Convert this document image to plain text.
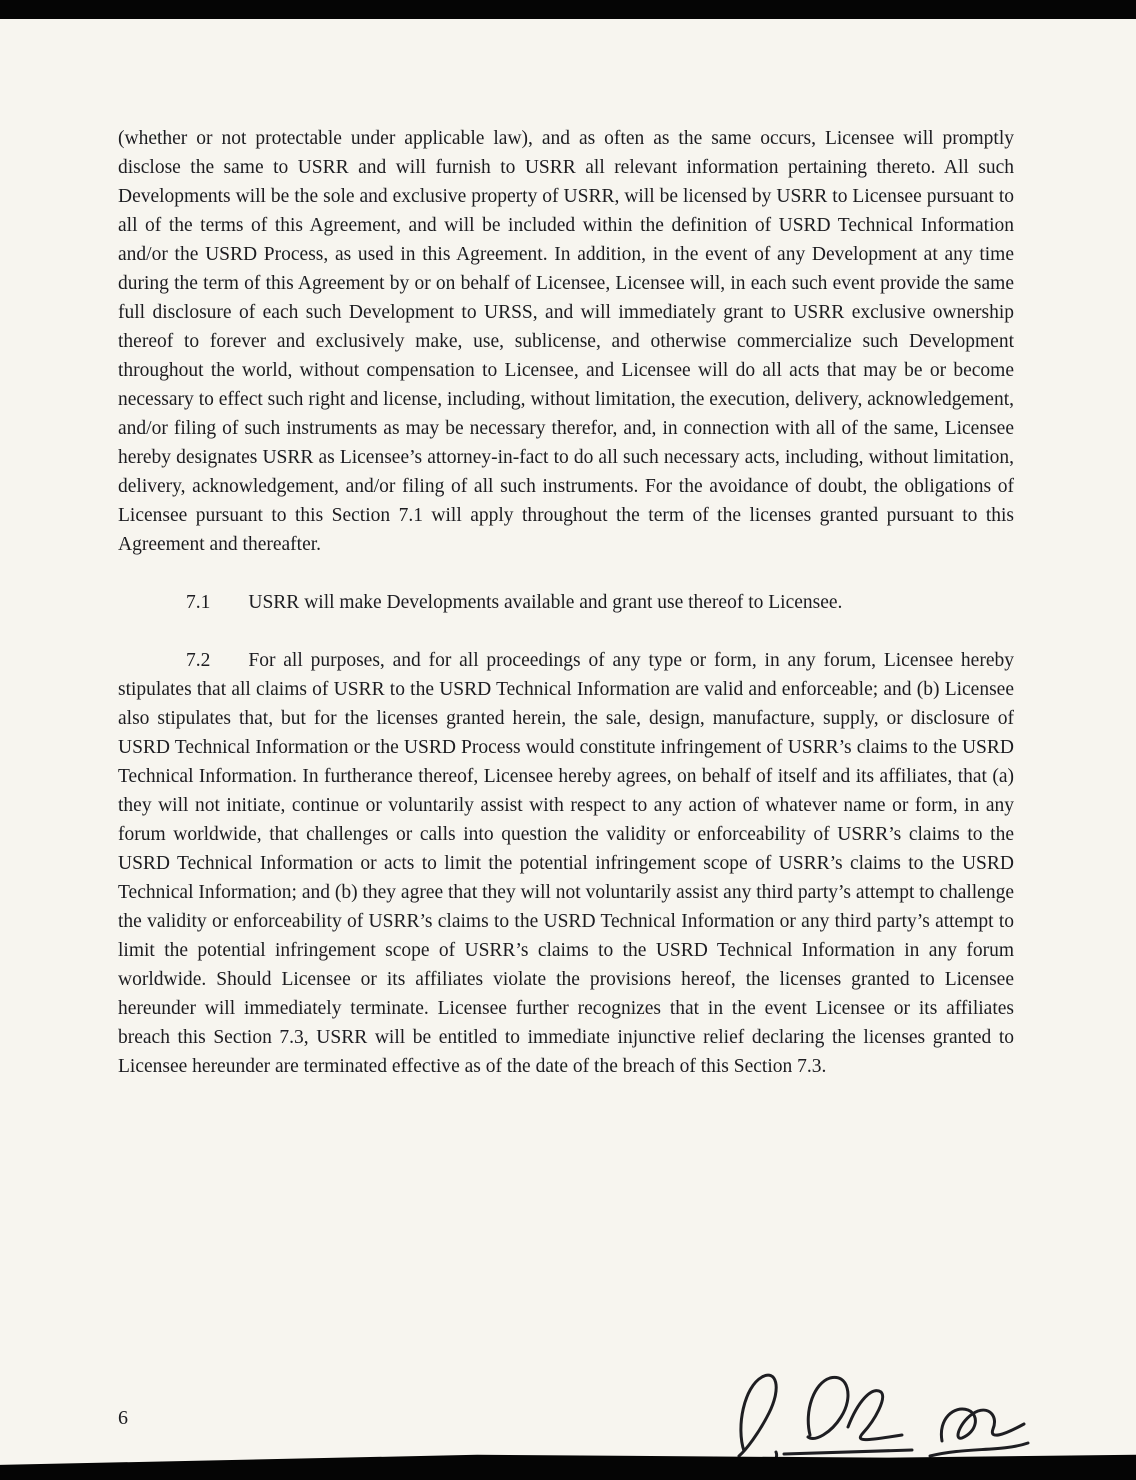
(whether or not protectable under applicable law), and as often as the same occurs, Licensee will promptly disclose the same to USRR and will furnish to USRR all relevant information pertaining thereto. All such Developments will be the sole and exclusive property of USRR, will be licensed by USRR to Licensee pursuant to all of the terms of this Agreement, and will be included within the definition of USRD Technical Information and/or the USRD Process, as used in this Agreement. In addition, in the event of any Development at any time during the term of this Agreement by or on behalf of Licensee, Licensee will, in each such event provide the same full disclosure of each such Development to URSS, and will immediately grant to USRR exclusive ownership thereof to forever and exclusively make, use, sublicense, and otherwise commercialize such Development throughout the world, without compensation to Licensee, and Licensee will do all acts that may be or become necessary to effect such right and license, including, without limitation, the execution, delivery, acknowledgement, and/or filing of such instruments as may be necessary therefor, and, in connection with all of the same, Licensee hereby designates USRR as Licensee’s attorney-in-fact to do all such necessary acts, including, without limitation, delivery, acknowledgement, and/or filing of all such instruments. For the avoidance of doubt, the obligations of Licensee pursuant to this Section 7.1 will apply throughout the term of the licenses granted pursuant to this Agreement and thereafter.

7.1 USRR will make Developments available and grant use thereof to Licensee.

7.2 For all purposes, and for all proceedings of any type or form, in any forum, Licensee hereby stipulates that all claims of USRR to the USRD Technical Information are valid and enforceable; and (b) Licensee also stipulates that, but for the licenses granted herein, the sale, design, manufacture, supply, or disclosure of USRD Technical Information or the USRD Process would constitute infringement of USRR’s claims to the USRD Technical Information. In furtherance thereof, Licensee hereby agrees, on behalf of itself and its affiliates, that (a) they will not initiate, continue or voluntarily assist with respect to any action of whatever name or form, in any forum worldwide, that challenges or calls into question the validity or enforceability of USRR’s claims to the USRD Technical Information or acts to limit the potential infringement scope of USRR’s claims to the USRD Technical Information; and (b) they agree that they will not voluntarily assist any third party’s attempt to challenge the validity or enforceability of USRR’s claims to the USRD Technical Information or any third party’s attempt to limit the potential infringement scope of USRR’s claims to the USRD Technical Information in any forum worldwide. Should Licensee or its affiliates violate the provisions hereof, the licenses granted to Licensee hereunder will immediately terminate. Licensee further recognizes that in the event Licensee or its affiliates breach this Section 7.3, USRR will be entitled to immediate injunctive relief declaring the licenses granted to Licensee hereunder are terminated effective as of the date of the breach of this Section 7.3.

6
